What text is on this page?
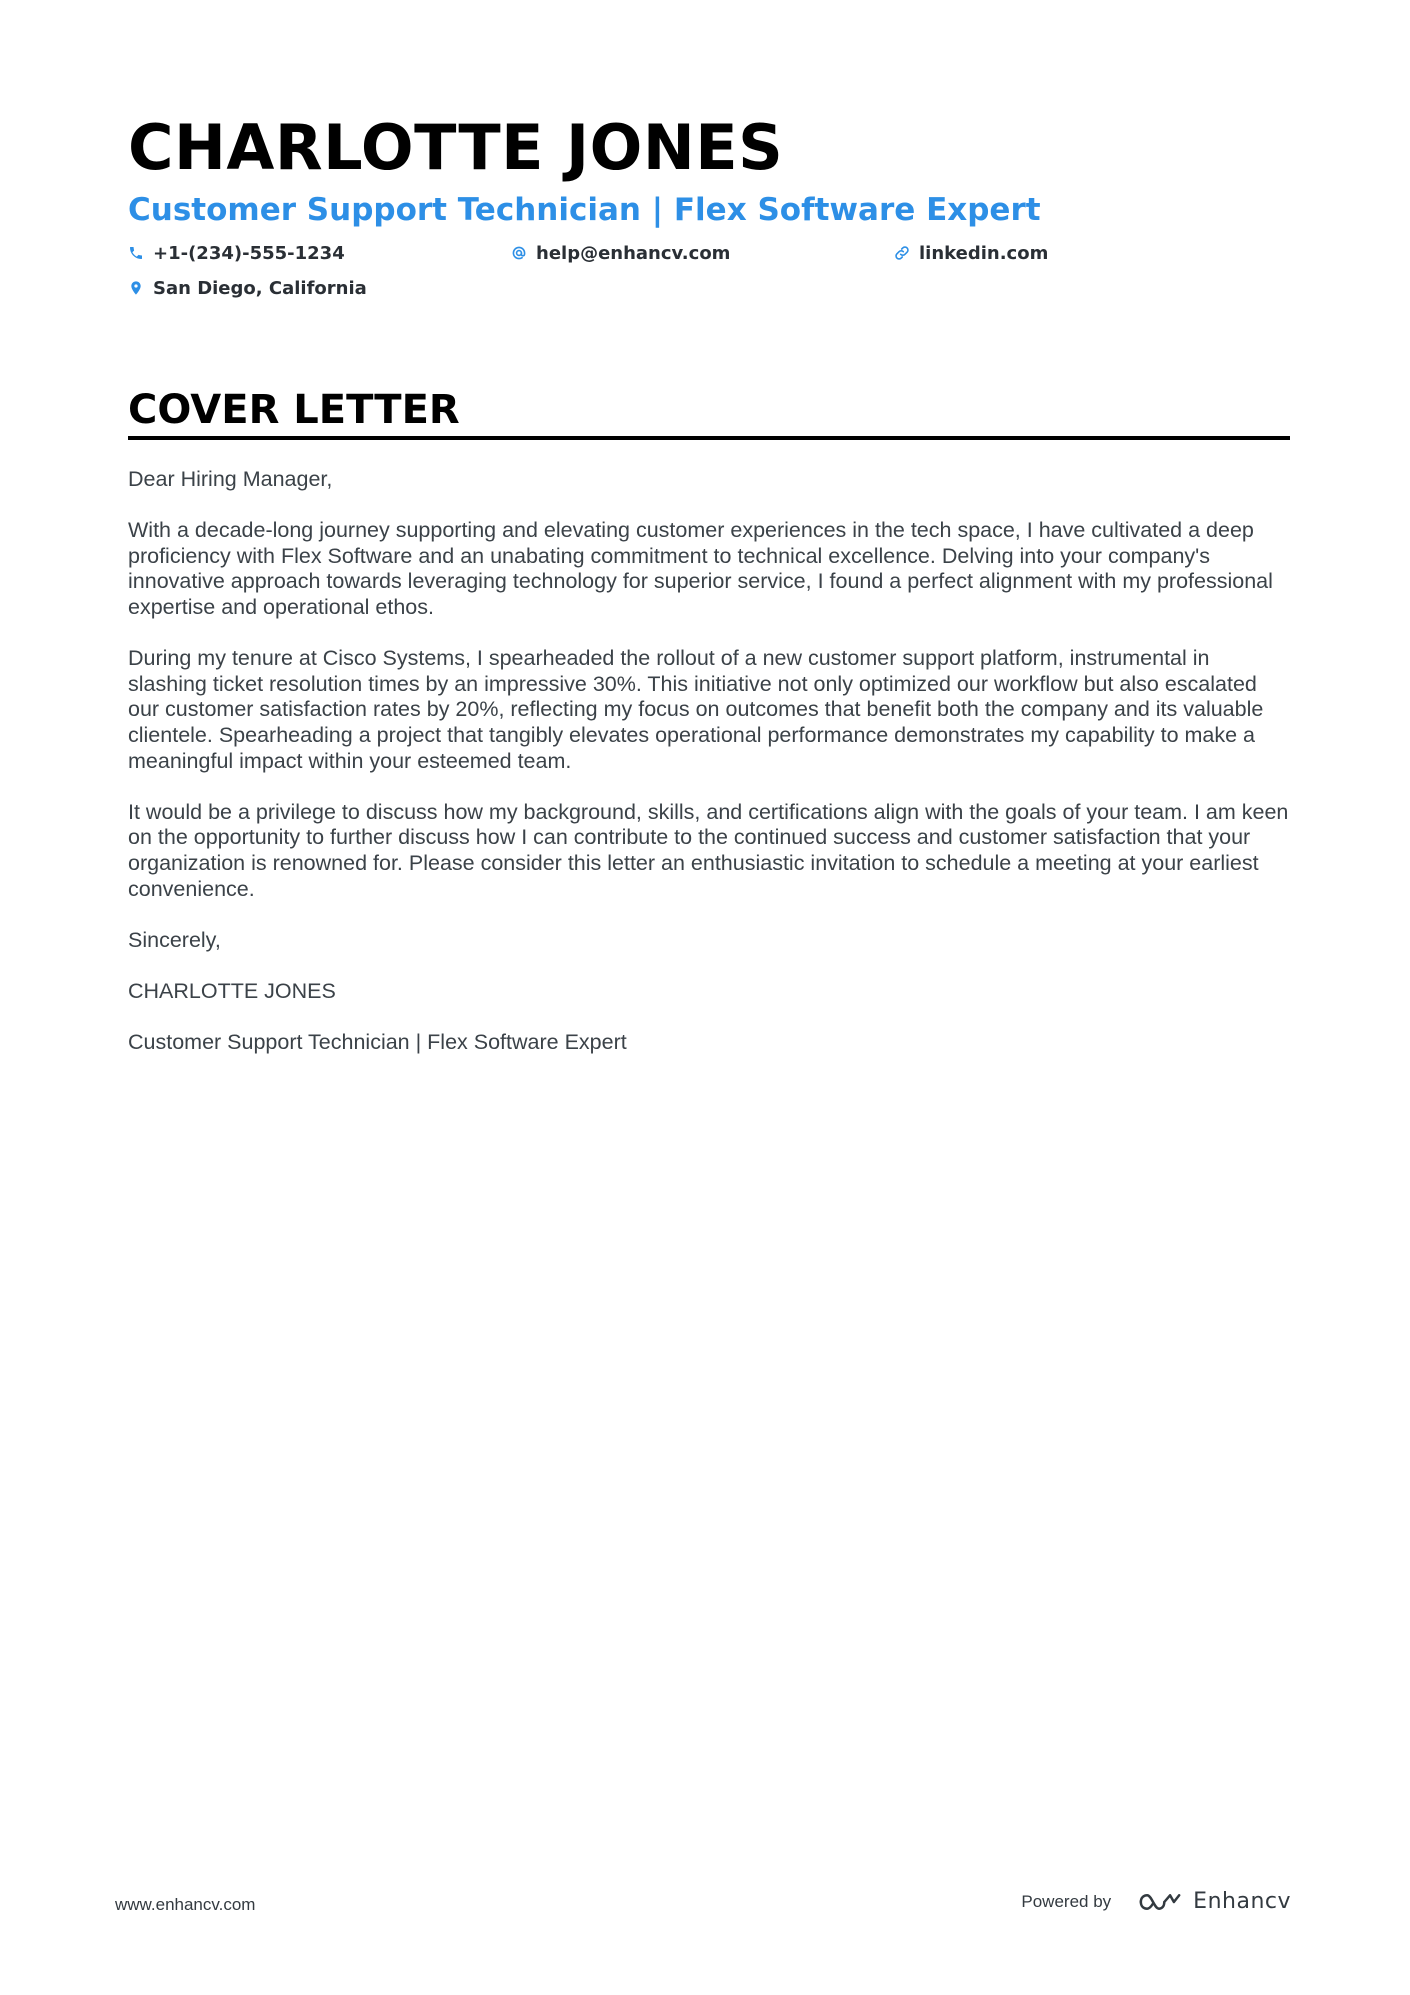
CHARLOTTE JONES
Customer Support Technician | Flex Software Expert
+1-(234)-555-1234	help@enhancv.com	linkedin.com
San Diego, California
COVER LETTER

Dear Hiring Manager,

With a decade-long journey supporting and elevating customer experiences in the tech space, I have cultivated a deep proficiency with Flex Software and an unabating commitment to technical excellence. Delving into your company's innovative approach towards leveraging technology for superior service, I found a perfect alignment with my professional expertise and operational ethos.

During my tenure at Cisco Systems, I spearheaded the rollout of a new customer support platform, instrumental in slashing ticket resolution times by an impressive 30%. This initiative not only optimized our workflow but also escalated our customer satisfaction rates by 20%, reflecting my focus on outcomes that benefit both the company and its valuable clientele. Spearheading a project that tangibly elevates operational performance demonstrates my capability to make a meaningful impact within your esteemed team.

It would be a privilege to discuss how my background, skills, and certifications align with the goals of your team. I am keen on the opportunity to further discuss how I can contribute to the continued success and customer satisfaction that your organization is renowned for. Please consider this letter an enthusiastic invitation to schedule a meeting at your earliest convenience.

Sincerely,

CHARLOTTE JONES

Customer Support Technician | Flex Software Expert

www.enhancv.com	Powered by	Enhancv
